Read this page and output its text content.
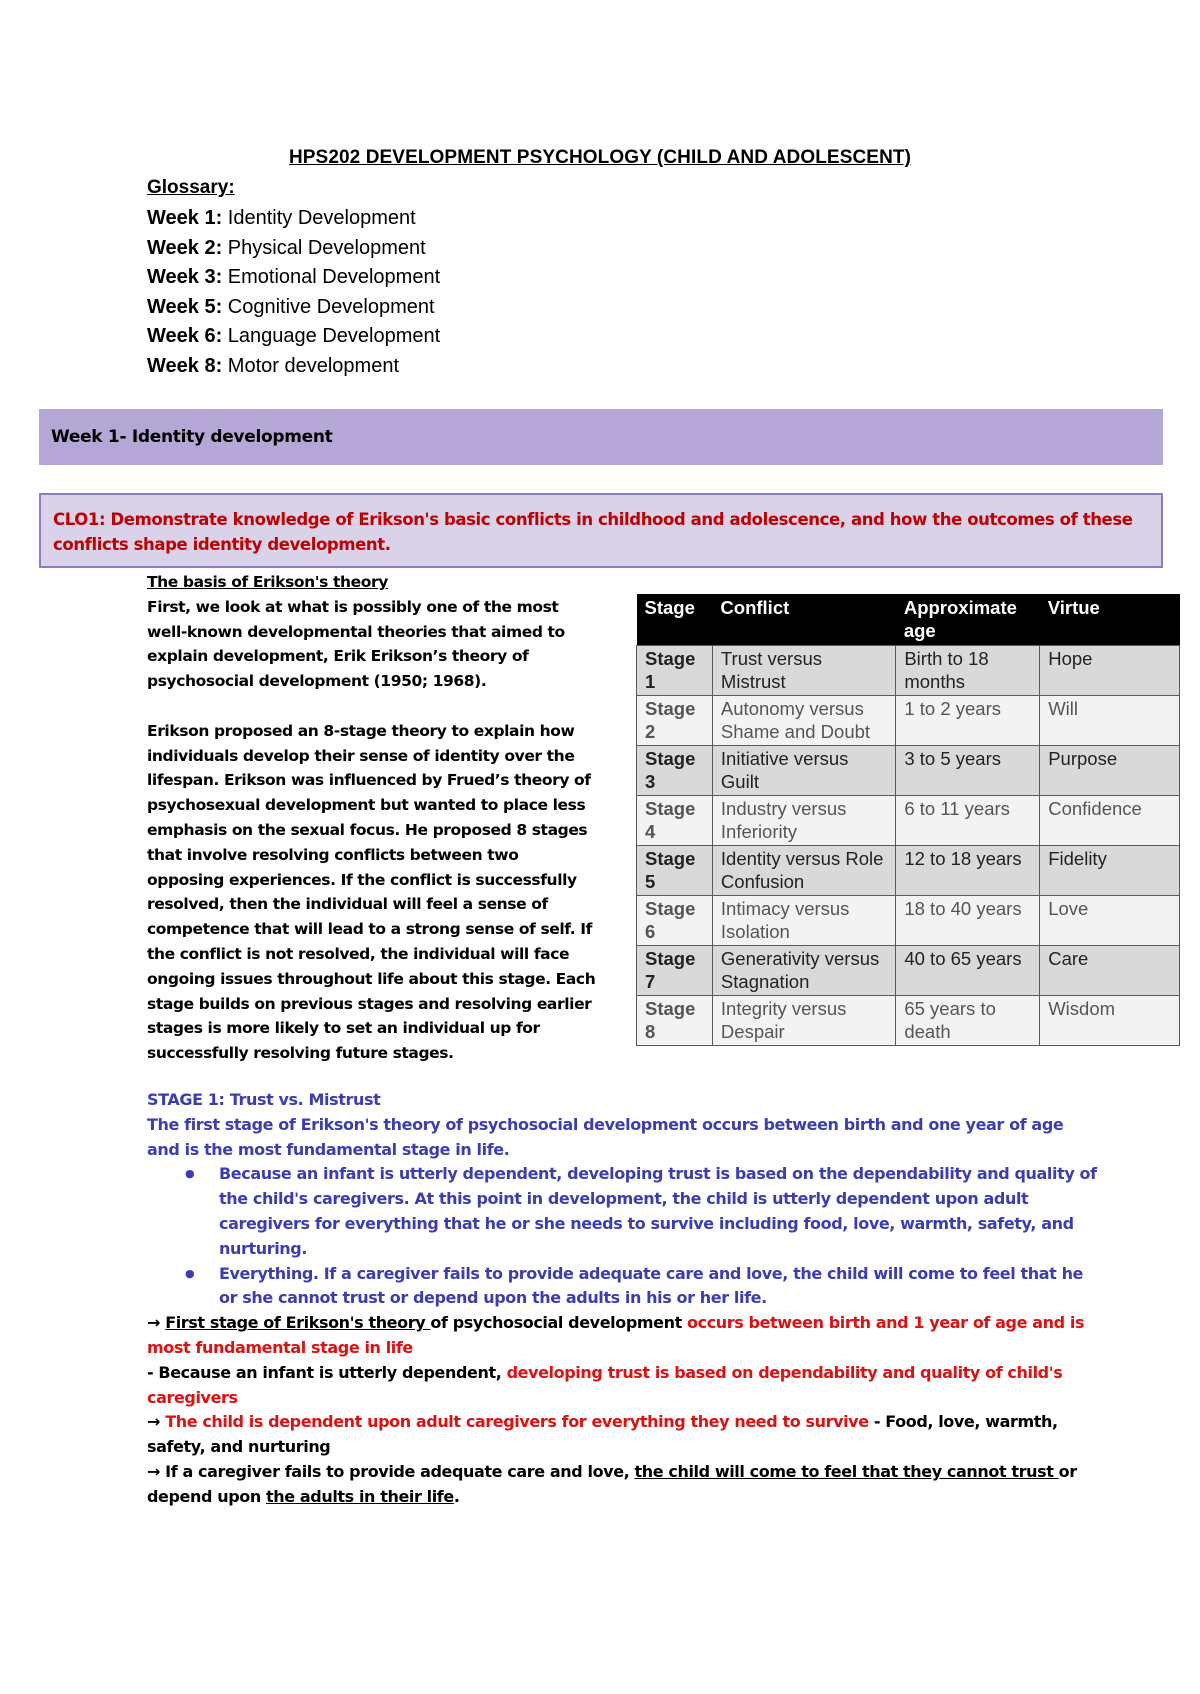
HPS202 DEVELOPMENT PSYCHOLOGY (CHILD AND ADOLESCENT)
Glossary:
Week 1: Identity Development
Week 2: Physical Development
Week 3: Emotional Development
Week 5: Cognitive Development
Week 6: Language Development
Week 8: Motor development
Week 1- Identity development
CLO1: Demonstrate knowledge of Erikson's basic conflicts in childhood and adolescence, and how the outcomes of these conflicts shape identity development.
The basis of Erikson's theory

First, we look at what is possibly one of the most well-known developmental theories that aimed to explain development, Erik Erikson’s theory of psychosocial development (1950; 1968).

Erikson proposed an 8-stage theory to explain how individuals develop their sense of identity over the lifespan. Erikson was influenced by Frued’s theory of psychosexual development but wanted to place less emphasis on the sexual focus. He proposed 8 stages that involve resolving conflicts between two opposing experiences. If the conflict is successfully resolved, then the individual will feel a sense of competence that will lead to a strong sense of self. If the conflict is not resolved, the individual will face ongoing issues throughout life about this stage. Each stage builds on previous stages and resolving earlier stages is more likely to set an individual up for successfully resolving future stages.

Stage	Conflict	Approximate age	Virtue
Stage 1	Trust versus Mistrust	Birth to 18 months	Hope
Stage 2	Autonomy versus Shame and Doubt	1 to 2 years	Will
Stage 3	Initiative versus Guilt	3 to 5 years	Purpose
Stage 4	Industry versus Inferiority	6 to 11 years	Confidence
Stage 5	Identity versus Role Confusion	12 to 18 years	Fidelity
Stage 6	Intimacy versus Isolation	18 to 40 years	Love
Stage 7	Generativity versus Stagnation	40 to 65 years	Care
Stage 8	Integrity versus Despair	65 years to death	Wisdom

STAGE 1: Trust vs. Mistrust

The first stage of Erikson's theory of psychosocial development occurs between birth and one year of age and is the most fundamental stage in life.

● Because an infant is utterly dependent, developing trust is based on the dependability and quality of the child's caregivers. At this point in development, the child is utterly dependent upon adult caregivers for everything that he or she needs to survive including food, love, warmth, safety, and nurturing.
● Everything. If a caregiver fails to provide adequate care and love, the child will come to feel that he or she cannot trust or depend upon the adults in his or her life.

→ First stage of Erikson's theory of psychosocial development occurs between birth and 1 year of age and is most fundamental stage in life

- Because an infant is utterly dependent, developing trust is based on dependability and quality of child's caregivers

→ The child is dependent upon adult caregivers for everything they need to survive - Food, love, warmth, safety, and nurturing

→ If a caregiver fails to provide adequate care and love, the child will come to feel that they cannot trust or depend upon the adults in their life.
